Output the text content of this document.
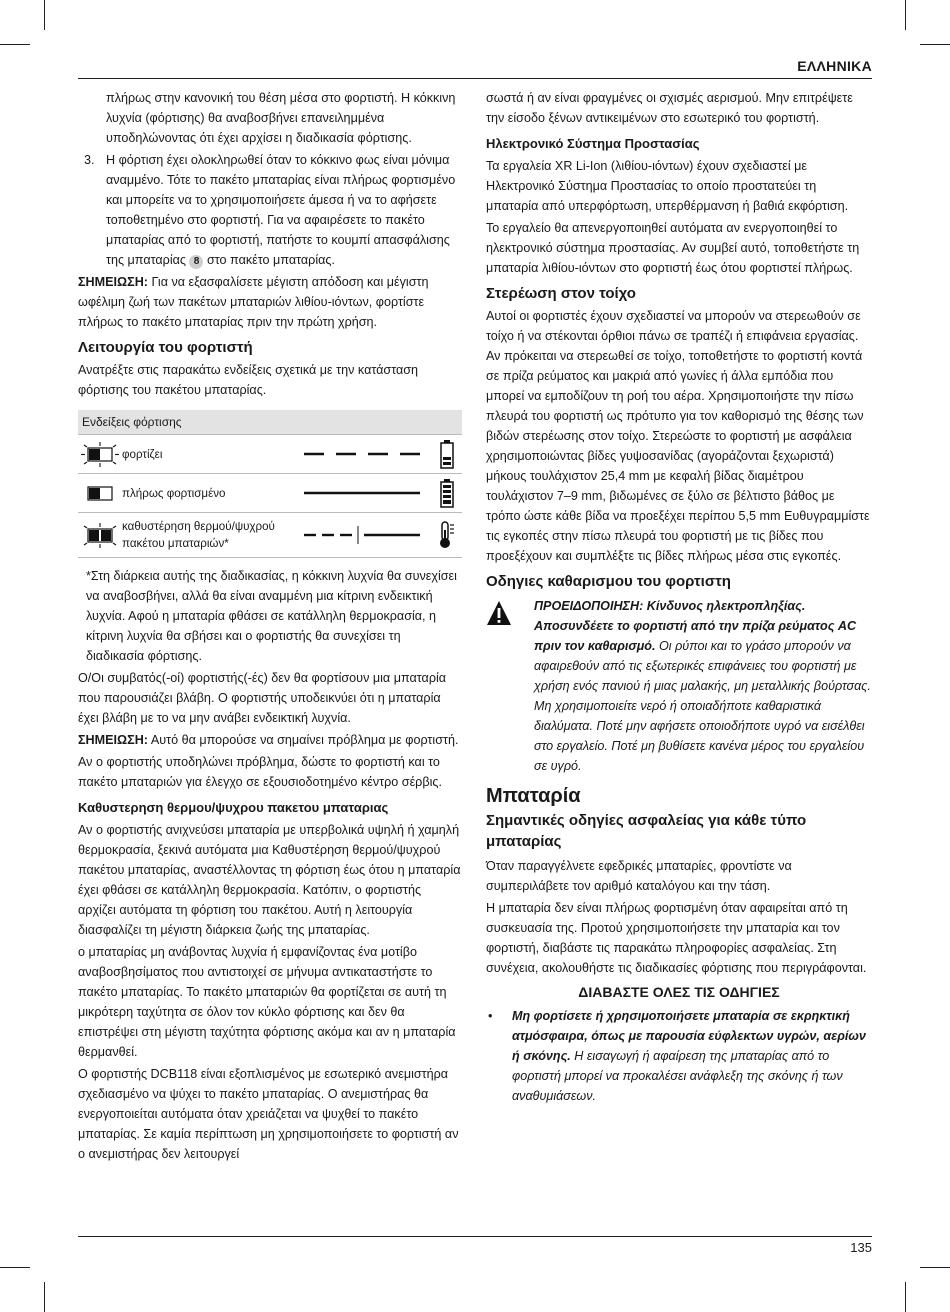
ΕΛΛΗΝΙΚΑ

πλήρως στην κανονική του θέση μέσα στο φορτιστή. Η κόκκινη λυχνία (φόρτισης) θα αναβοσβήνει επανειλημμένα υποδηλώνοντας ότι έχει αρχίσει η διαδικασία φόρτισης.

3. Η φόρτιση έχει ολοκληρωθεί όταν το κόκκινο φως είναι μόνιμα αναμμένο. Τότε το πακέτο μπαταρίας είναι πλήρως φορτισμένο και μπορείτε να το χρησιμοποιήσετε άμεσα ή να το αφήσετε τοποθετημένο στο φορτιστή. Για να αφαιρέσετε το πακέτο μπαταρίας από το φορτιστή, πατήστε το κουμπί απασφάλισης της μπαταρίας 8 στο πακέτο μπαταρίας.

ΣΗΜΕΙΩΣΗ: Για να εξασφαλίσετε μέγιστη απόδοση και μέγιστη ωφέλιμη ζωή των πακέτων μπαταριών λιθίου-ιόντων, φορτίστε πλήρως το πακέτο μπαταρίας πριν την πρώτη χρήση.

Λειτουργία του φορτιστή

Ανατρέξτε στις παρακάτω ενδείξεις σχετικά με την κατάσταση φόρτισης του πακέτου μπαταρίας.

Ενδείξεις φόρτισης
φορτίζει
πλήρως φορτισμένο
καθυστέρηση θερμού/ψυχρού πακέτου μπαταριών*

*Στη διάρκεια αυτής της διαδικασίας, η κόκκινη λυχνία θα συνεχίσει να αναβοσβήνει, αλλά θα είναι αναμμένη μια κίτρινη ενδεικτική λυχνία. Αφού η μπαταρία φθάσει σε κατάλληλη θερμοκρασία, η κίτρινη λυχνία θα σβήσει και ο φορτιστής θα συνεχίσει τη διαδικασία φόρτισης.

Ο/Οι συμβατός(-οί) φορτιστής(-ές) δεν θα φορτίσουν μια μπαταρία που παρουσιάζει βλάβη. Ο φορτιστής υποδεικνύει ότι η μπαταρία έχει βλάβη με το να μην ανάβει ενδεικτική λυχνία.

ΣΗΜΕΙΩΣΗ: Αυτό θα μπορούσε να σημαίνει πρόβλημα με φορτιστή.

Αν ο φορτιστής υποδηλώνει πρόβλημα, δώστε το φορτιστή και το πακέτο μπαταριών για έλεγχο σε εξουσιοδοτημένο κέντρο σέρβις.

Καθυστερηση θερμου/ψυχρου πακετου μπαταριας

Αν ο φορτιστής ανιχνεύσει μπαταρία με υπερβολικά υψηλή ή χαμηλή θερμοκρασία, ξεκινά αυτόματα μια Καθυστέρηση θερμού/ψυχρού πακέτου μπαταρίας, αναστέλλοντας τη φόρτιση έως ότου η μπαταρία έχει φθάσει σε κατάλληλη θερμοκρασία. Κατόπιν, ο φορτιστής αρχίζει αυτόματα τη φόρτιση του πακέτου. Αυτή η λειτουργία διασφαλίζει τη μέγιστη διάρκεια ζωής της μπαταρίας.

ο μπαταρίας μη ανάβοντας λυχνία ή εμφανίζοντας ένα μοτίβο αναβοσβησίματος που αντιστοιχεί σε μήνυμα αντικαταστήστε το πακέτο μπαταρίας. Το πακέτο μπαταριών θα φορτίζεται σε αυτή τη μικρότερη ταχύτητα σε όλον τον κύκλο φόρτισης και δεν θα επιστρέψει στη μέγιστη ταχύτητα φόρτισης ακόμα και αν η μπαταρία θερμανθεί.

Ο φορτιστής DCB118 είναι εξοπλισμένος με εσωτερικό ανεμιστήρα σχεδιασμένο να ψύχει το πακέτο μπαταρίας. Ο ανεμιστήρας θα ενεργοποιείται αυτόματα όταν χρειάζεται να ψυχθεί το πακέτο μπαταρίας. Σε καμία περίπτωση μη χρησιμοποιήσετε το φορτιστή αν ο ανεμιστήρας δεν λειτουργεί

σωστά ή αν είναι φραγμένες οι σχισμές αερισμού. Μην επιτρέψετε την είσοδο ξένων αντικειμένων στο εσωτερικό του φορτιστή.

Ηλεκτρονικό Σύστημα Προστασίας

Τα εργαλεία XR Li-Ion (λιθίου-ιόντων) έχουν σχεδιαστεί με Ηλεκτρονικό Σύστημα Προστασίας το οποίο προστατεύει τη μπαταρία από υπερφόρτωση, υπερθέρμανση ή βαθιά εκφόρτιση.

Το εργαλείο θα απενεργοποιηθεί αυτόματα αν ενεργοποιηθεί το ηλεκτρονικό σύστημα προστασίας. Αν συμβεί αυτό, τοποθετήστε τη μπαταρία λιθίου-ιόντων στο φορτιστή έως ότου φορτιστεί πλήρως.

Στερέωση στον τοίχο

Αυτοί οι φορτιστές έχουν σχεδιαστεί να μπορούν να στερεωθούν σε τοίχο ή να στέκονται όρθιοι πάνω σε τραπέζι ή επιφάνεια εργασίας. Αν πρόκειται να στερεωθεί σε τοίχο, τοποθετήστε το φορτιστή κοντά σε πρίζα ρεύματος και μακριά από γωνίες ή άλλα εμπόδια που μπορεί να εμποδίζουν τη ροή του αέρα. Χρησιμοποιήστε την πίσω πλευρά του φορτιστή ως πρότυπο για τον καθορισμό της θέσης των βιδών στερέωσης στον τοίχο. Στερεώστε το φορτιστή με ασφάλεια χρησιμοποιώντας βίδες γυψοσανίδας (αγοράζονται ξεχωριστά) μήκους τουλάχιστον 25,4 mm με κεφαλή βίδας διαμέτρου τουλάχιστον 7–9 mm, βιδωμένες σε ξύλο σε βέλτιστο βάθος με τρόπο ώστε κάθε βίδα να προεξέχει περίπου 5,5 mm Ευθυγραμμίστε τις εγκοπές στην πίσω πλευρά του φορτιστή με τις βίδες που προεξέχουν και συμπλέξτε τις βίδες πλήρως μέσα στις εγκοπές.

Οδηγιες καθαρισμου του φορτιστη
ΠΡΟΕΙΔΟΠΟΙΗΣΗ: Κίνδυνος ηλεκτροπληξίας. Αποσυνδέετε το φορτιστή από την πρίζα ρεύματος AC πριν τον καθαρισμό. Οι ρύποι και το γράσο μπορούν να αφαιρεθούν από τις εξωτερικές επιφάνειες του φορτιστή με χρήση ενός πανιού ή μιας μαλακής, μη μεταλλικής βούρτσας. Μη χρησιμοποιείτε νερό ή οποιαδήποτε καθαριστικά διαλύματα. Ποτέ μην αφήσετε οποιοδήποτε υγρό να εισέλθει στο εργαλείο. Ποτέ μη βυθίσετε κανένα μέρος του εργαλείου σε υγρό.
Μπαταρία
Σημαντικές οδηγίες ασφαλείας για κάθε τύπο μπαταρίας

Όταν παραγγέλνετε εφεδρικές μπαταρίες, φροντίστε να συμπεριλάβετε τον αριθμό καταλόγου και την τάση.

Η μπαταρία δεν είναι πλήρως φορτισμένη όταν αφαιρείται από τη συσκευασία της. Προτού χρησιμοποιήσετε την μπαταρία και τον φορτιστή, διαβάστε τις παρακάτω πληροφορίες ασφαλείας. Στη συνέχεια, ακολουθήστε τις διαδικασίες φόρτισης που περιγράφονται.

ΔΙΑΒΑΣΤΕ ΟΛΕΣ ΤΙΣ ΟΔΗΓΙΕΣ
• Μη φορτίσετε ή χρησιμοποιήσετε μπαταρία σε εκρηκτική ατμόσφαιρα, όπως με παρουσία εύφλεκτων υγρών, αερίων ή σκόνης. Η εισαγωγή ή αφαίρεση της μπαταρίας από το φορτιστή μπορεί να προκαλέσει ανάφλεξη της σκόνης ή των αναθυμιάσεων.
135
